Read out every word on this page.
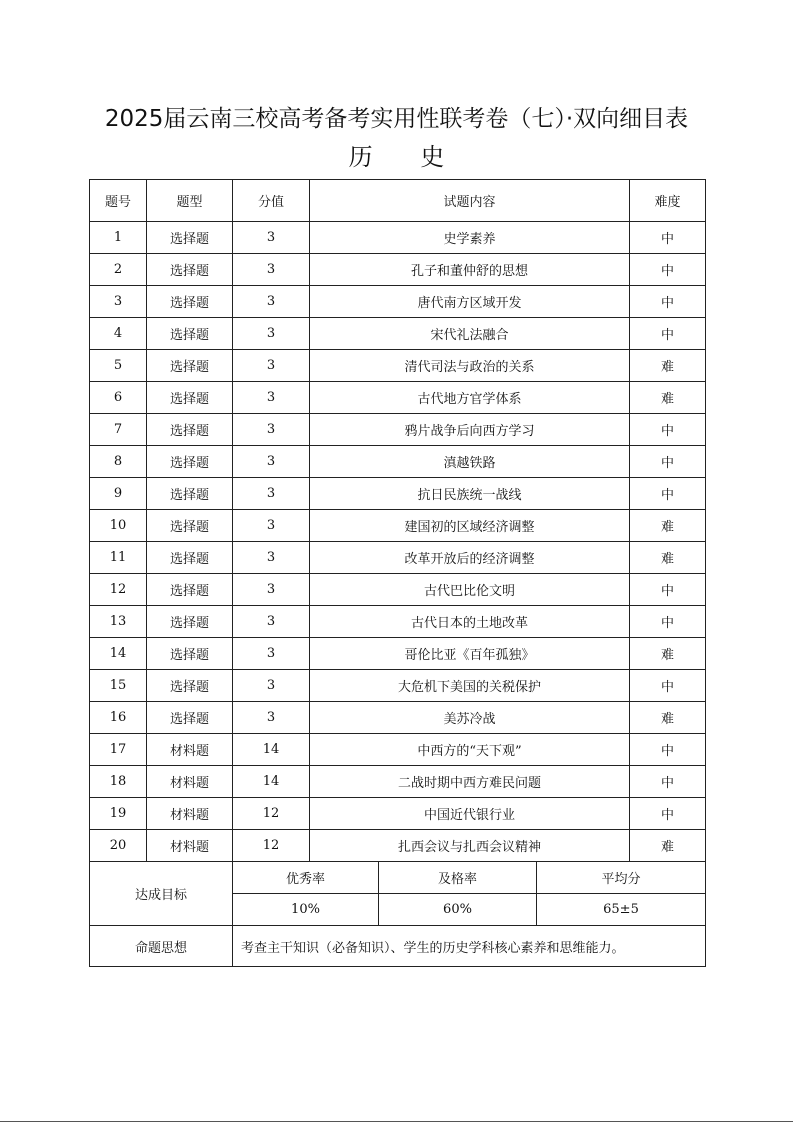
2025届云南三校高考备考实用性联考卷（七）·双向细目表
历 史
题号	题型	分值	试题内容			难度
1	选择题	3	史学素养			中
2	选择题	3	孔子和董仲舒的思想			中
3	选择题	3	唐代南方区域开发			中
4	选择题	3	宋代礼法融合			中
5	选择题	3	清代司法与政治的关系			难
6	选择题	3	古代地方官学体系			难
7	选择题	3	鸦片战争后向西方学习			中
8	选择题	3	滇越铁路			中
9	选择题	3	抗日民族统一战线			中
10	选择题	3	建国初的区域经济调整			难
11	选择题	3	改革开放后的经济调整			难
12	选择题	3	古代巴比伦文明			中
13	选择题	3	古代日本的土地改革			中
14	选择题	3	哥伦比亚《百年孤独》			难
15	选择题	3	大危机下美国的关税保护			中
16	选择题	3	美苏冷战			难
17	材料题	14	中西方的“天下观”			中
18	材料题	14	二战时期中西方难民问题			中
19	材料题	12	中国近代银行业			中
20	材料题	12	扎西会议与扎西会议精神			难
达成目标		优秀率		及格率	平均分	
		10%		60%	65±5	
命题思想		考查主干知识（必备知识）、学生的历史学科核心素养和思维能力。				
